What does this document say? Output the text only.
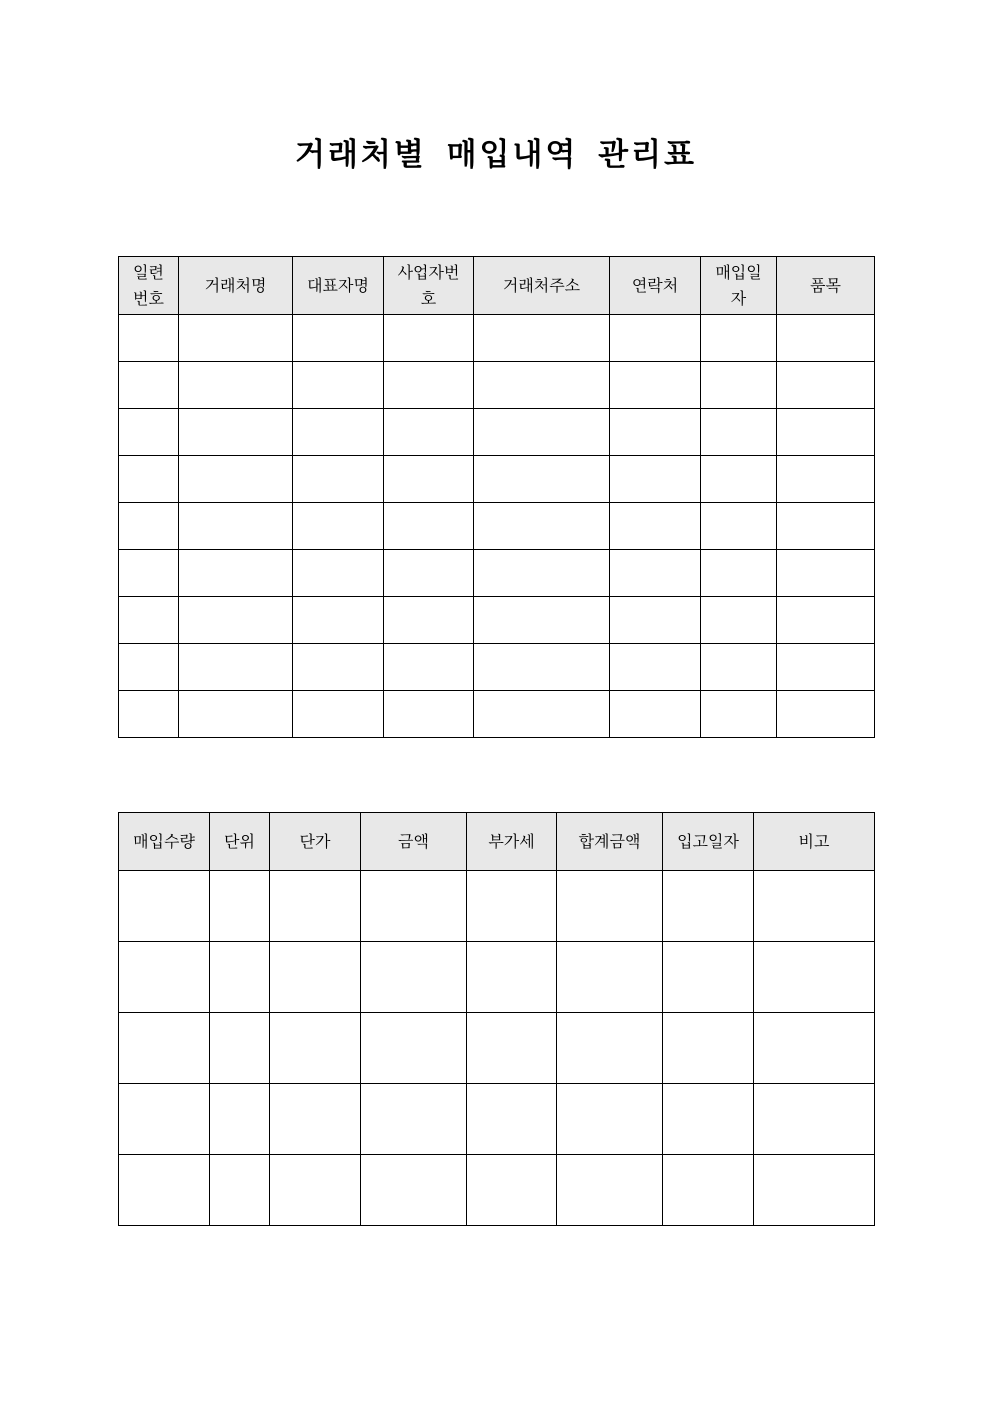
거래처별 매입내역 관리표
일련
번호	거래처명	대표자명	사업자번호	거래처주소	연락처	매입일자	품목

매입수량	단위	단가	금액	부가세	합계금액	입고일자	비고
